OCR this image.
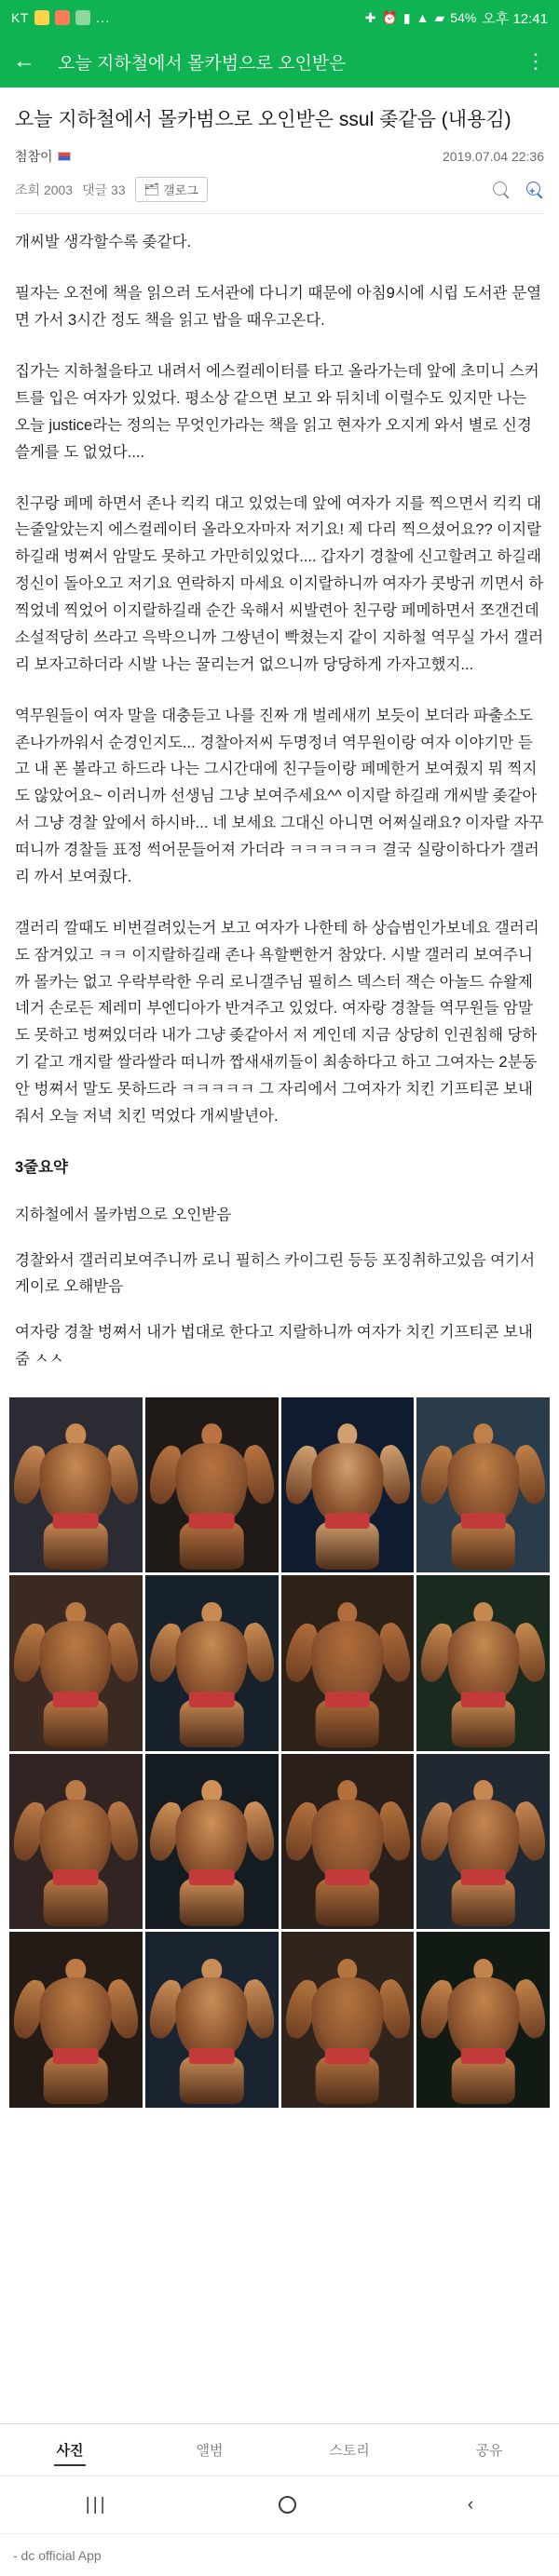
KT	...	✚ ⏰ ▮ ▲ ▰ 54% 오후 12:41
←	오늘 지하철에서 몰카범으로 오인받은	⋮
오늘 지하철에서 몰카범으로 오인받은 ssul 좆같음 (내용김)
첨참이	2019.07.04 22:36
조회 2003 댓글 33 🗂 갤로그	+

개씨발 생각할수록 좆같다.

필자는 오전에 책을 읽으러 도서관에 다니기 때문에 아침9시에 시립 도서관 문열면 가서 3시간 정도 책을 읽고 밥을 때우고온다.

집가는 지하철을타고 내려서 에스컬레이터를 타고 올라가는데 앞에 초미니 스커트를 입은 여자가 있었다. 평소상 같으면 보고 와 뒤치네 이럴수도 있지만 나는 오늘 justice라는 정의는 무엇인가라는 책을 읽고 현자가 오지게 와서 별로 신경쓸게를 도 없었다....

친구랑 페메 하면서 존나 킥킥 대고 있었는데 앞에 여자가 지를 찍으면서 킥킥 대는줄알았는지 에스컬레이터 올라오자마자 저기요! 제 다리 찍으셨어요?? 이지랄하길래 벙쪄서 암말도 못하고 가만히있었다.... 갑자기 경찰에 신고할려고 하길래 정신이 돌아오고 저기요 연락하지 마세요 이지랄하니까 여자가 콧방귀 끼면서 하 찍었네 찍었어 이지랄하길래 순간 욱해서 씨발련아 친구랑 페메하면서 쪼갠건데 소설적당히 쓰라고 윽박으니까 그쌍년이 빡쳤는지 같이 지하철 역무실 가서 갤러리 보자고하더라 시발 나는 꿀리는거 없으니까 당당하게 가자고했지...

역무원들이 여자 말을 대충듣고 나를 진짜 개 벌레새끼 보듯이 보더라 파출소도 존나가까워서 순경인지도... 경찰아저씨 두명정녀 역무원이랑 여자 이야기만 듣고 내 폰 볼라고 하드라 나는 그시간대에 친구들이랑 페메한거 보여줬지 뭐 찍지도 않았어요~ 이러니까 선생님 그냥 보여주세요^^ 이지랄 하길래 개씨발 좆같아서 그냥 경찰 앞에서 하시바... 네 보세요 그대신 아니면 어쩌실래요? 이자랄 자꾸 떠니까 경찰들 표정 썩어문들어져 가더라 ㅋㅋㅋㅋㅋㅋ 결국 실랑이하다가 갤러리 까서 보여줬다.

갤러리 깔때도 비번걸려있는거 보고 여자가 나한테 하 상습범인가보네요 갤러리도 잠겨있고 ㅋㅋ 이지랄하길래 존나 욕할뻔한거 참았다. 시발 갤러리 보여주니까 몰카는 없고 우락부락한 우리 로니갤주님 필히스 덱스터 잭슨 아놀드 슈왈제네거 손로든 제레미 부엔디아가 반겨주고 있었다. 여자랑 경찰들 역무원들 암말도 못하고 벙쪄있더라 내가 그냥 좆같아서 저 게인데 지금 상당히 인권침해 당하기 같고 개지랄 쌀라쌀라 떠니까 짭새새끼들이 최송하다고 하고 그여자는 2분동안 벙쪄서 말도 못하드라 ㅋㅋㅋㅋㅋ 그 자리에서 그여자가 치킨 기프티콘 보내줘서 오늘 저녁 치킨 먹었다 개씨발년아.

3줄요약

지하철에서 몰카범으로 오인받음

경찰와서 갤러리보여주니까 로니 필히스 카이그린 등등 포징취하고있음 여기서 게이로 오해받음

여자랑 경찰 벙쪄서 내가 법대로 한다고 지랄하니까 여자가 치킨 기프티콘 보내줌 ㅅㅅ

사진	앨범	스토리	공유
|||	‹
- dc official App
